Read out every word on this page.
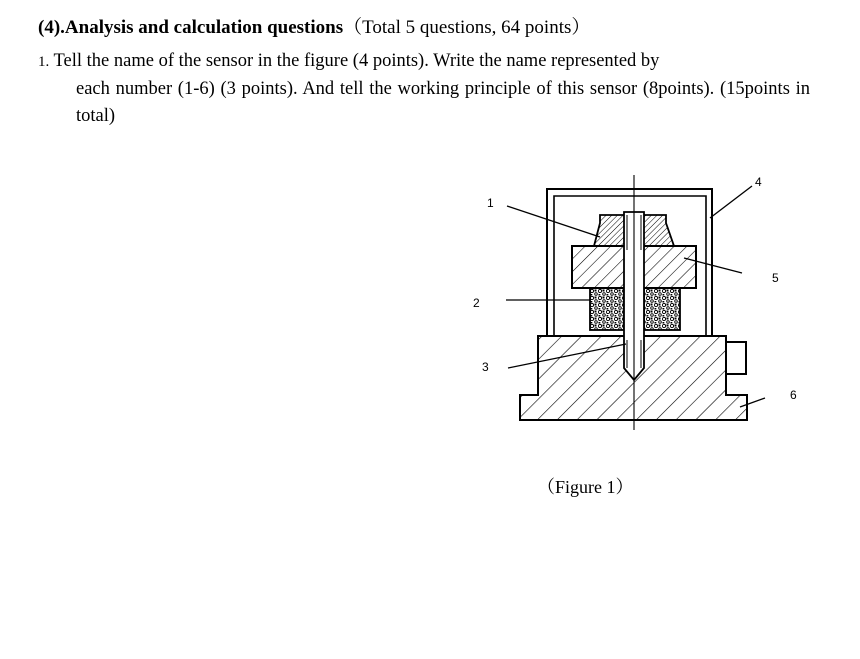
(4).Analysis and calculation questions（Total 5 questions, 64 points）
1. Tell the name of the sensor in the figure (4 points). Write the name represented by
each number (1-6) (3 points). And tell the working principle of this sensor (8points). (15points in total)
1
2
3
4
5
6
（Figure 1）
